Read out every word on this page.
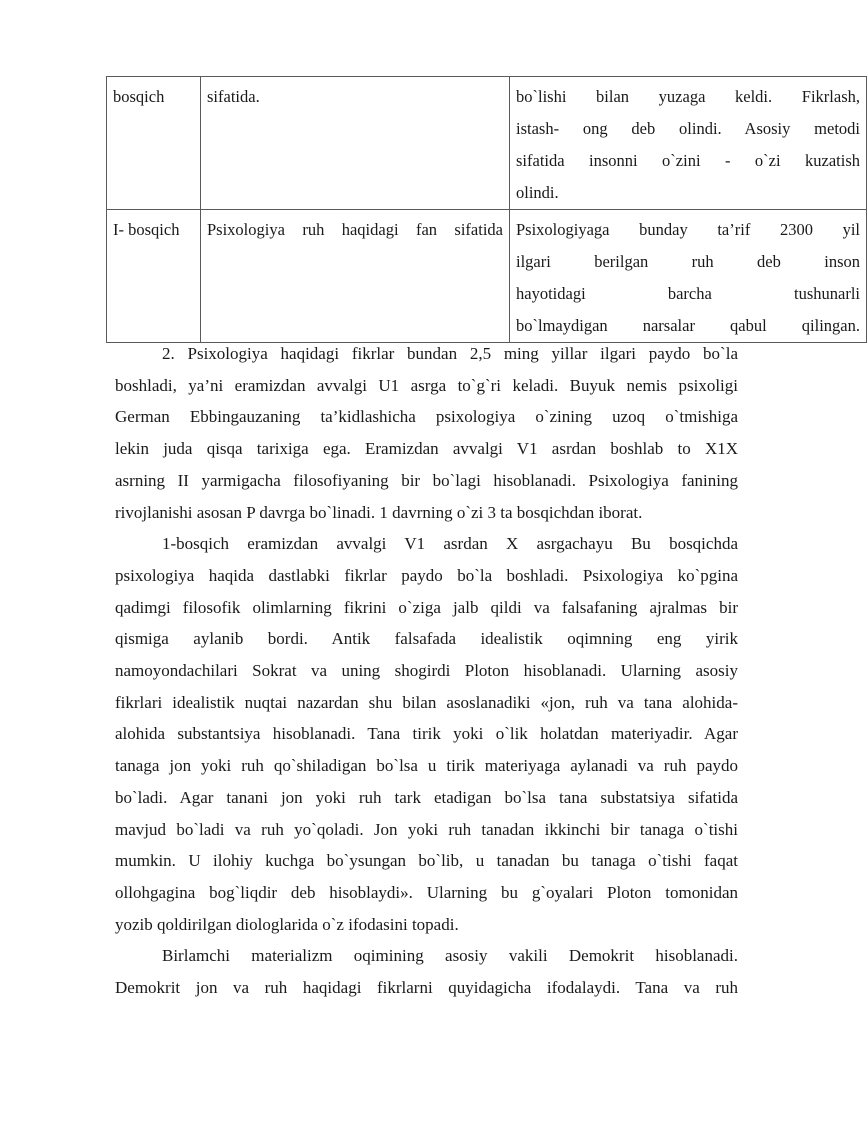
bosqich	sifatida.	bo`lishi bilan yuzaga keldi. Fikrlash,
istash- ong deb olindi. Asosiy metodi
sifatida insonni o`zini - o`zi kuzatish
olindi.

I- bosqich	Psixologiya ruh haqidagi fan sifatida	Psixologiyaga bunday ta’rif 2300 yil
ilgari berilgan ruh deb inson
hayotidagi barcha tushunarli
bo`lmaydigan narsalar qabul qilingan.
2. Psixologiya haqidagi fikrlar bundan 2,5 ming yillar ilgari paydo bo`la
boshladi, ya’ni eramizdan avvalgi U1 asrga to`g`ri keladi. Buyuk nemis psixoligi
German Ebbingauzaning ta’kidlashicha psixologiya o`zining uzoq o`tmishiga
lekin juda qisqa tarixiga ega. Eramizdan avvalgi V1 asrdan boshlab to X1X
asrning II yarmigacha filosofiyaning bir bo`lagi hisoblanadi. Psixologiya fanining
rivojlanishi asosan P davrga bo`linadi. 1 davrning o`zi 3 ta bosqichdan iborat.
1-bosqich eramizdan avvalgi V1 asrdan X asrgachayu Bu bosqichda
psixologiya haqida dastlabki fikrlar paydo bo`la boshladi. Psixologiya ko`pgina
qadimgi filosofik olimlarning fikrini o`ziga jalb qildi va falsafaning ajralmas bir
qismiga aylanib bordi. Antik falsafada idealistik oqimning eng yirik
namoyondachilari Sokrat va uning shogirdi Ploton hisoblanadi. Ularning asosiy
fikrlari idealistik nuqtai nazardan shu bilan asoslanadiki «jon, ruh va tana alohida-
alohida substantsiya hisoblanadi. Tana tirik yoki o`lik holatdan materiyadir. Agar
tanaga jon yoki ruh qo`shiladigan bo`lsa u tirik materiyaga aylanadi va ruh paydo
bo`ladi. Agar tanani jon yoki ruh tark etadigan bo`lsa tana substatsiya sifatida
mavjud bo`ladi va ruh yo`qoladi. Jon yoki ruh tanadan ikkinchi bir tanaga o`tishi
mumkin. U ilohiy kuchga bo`ysungan bo`lib, u tanadan bu tanaga o`tishi faqat
ollohgagina bog`liqdir deb hisoblaydi». Ularning bu g`oyalari Ploton tomonidan
yozib qoldirilgan diologlarida o`z ifodasini topadi.
Birlamchi materializm oqimining asosiy vakili Demokrit hisoblanadi.
Demokrit jon va ruh haqidagi fikrlarni quyidagicha ifodalaydi. Tana va ruh
